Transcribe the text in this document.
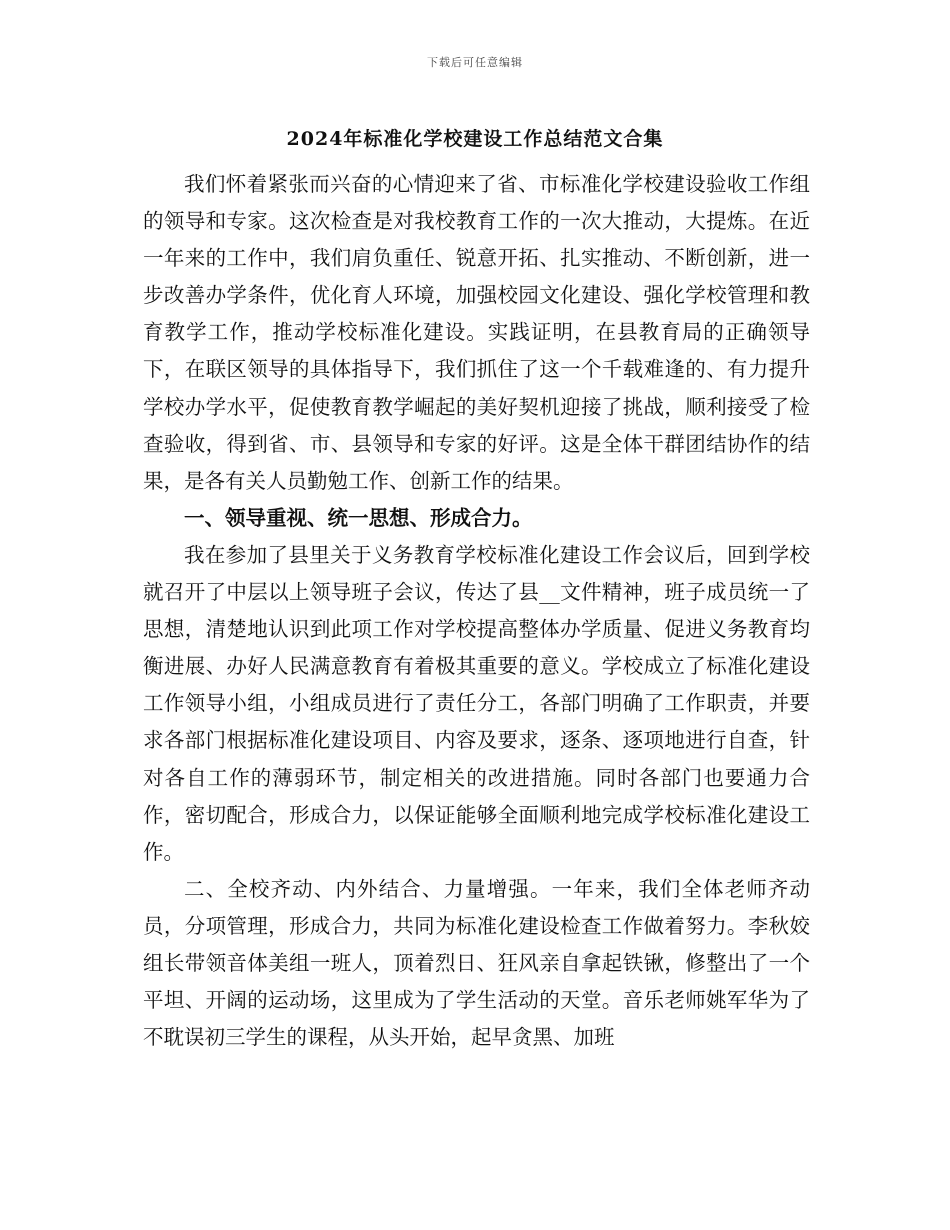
下载后可任意编辑
2024年标准化学校建设工作总结范文合集

我们怀着紧张而兴奋的心情迎来了省、市标准化学校建设验收工作组的领导和专家。这次检查是对我校教育工作的一次大推动，大提炼。在近一年来的工作中，我们肩负重任、锐意开拓、扎实推动、不断创新，进一步改善办学条件，优化育人环境，加强校园文化建设、强化学校管理和教育教学工作，推动学校标准化建设。实践证明，在县教育局的正确领导下，在联区领导的具体指导下，我们抓住了这一个千载难逢的、有力提升学校办学水平，促使教育教学崛起的美好契机迎接了挑战，顺利接受了检查验收，得到省、市、县领导和专家的好评。这是全体干群团结协作的结果，是各有关人员勤勉工作、创新工作的结果。

一、领导重视、统一思想、形成合力。

我在参加了县里关于义务教育学校标准化建设工作会议后，回到学校就召开了中层以上领导班子会议，传达了县__文件精神，班子成员统一了思想，清楚地认识到此项工作对学校提高整体办学质量、促进义务教育均衡进展、办好人民满意教育有着极其重要的意义。学校成立了标准化建设工作领导小组，小组成员进行了责任分工，各部门明确了工作职责，并要求各部门根据标准化建设项目、内容及要求，逐条、逐项地进行自查，针对各自工作的薄弱环节，制定相关的改进措施。同时各部门也要通力合作，密切配合，形成合力，以保证能够全面顺利地完成学校标准化建设工作。

二、全校齐动、内外结合、力量增强。一年来，我们全体老师齐动员，分项管理，形成合力，共同为标准化建设检查工作做着努力。李秋姣组长带领音体美组一班人，顶着烈日、狂风亲自拿起铁锹，修整出了一个平坦、开阔的运动场，这里成为了学生活动的天堂。音乐老师姚军华为了不耽误初三学生的课程，从头开始，起早贪黑、加班
